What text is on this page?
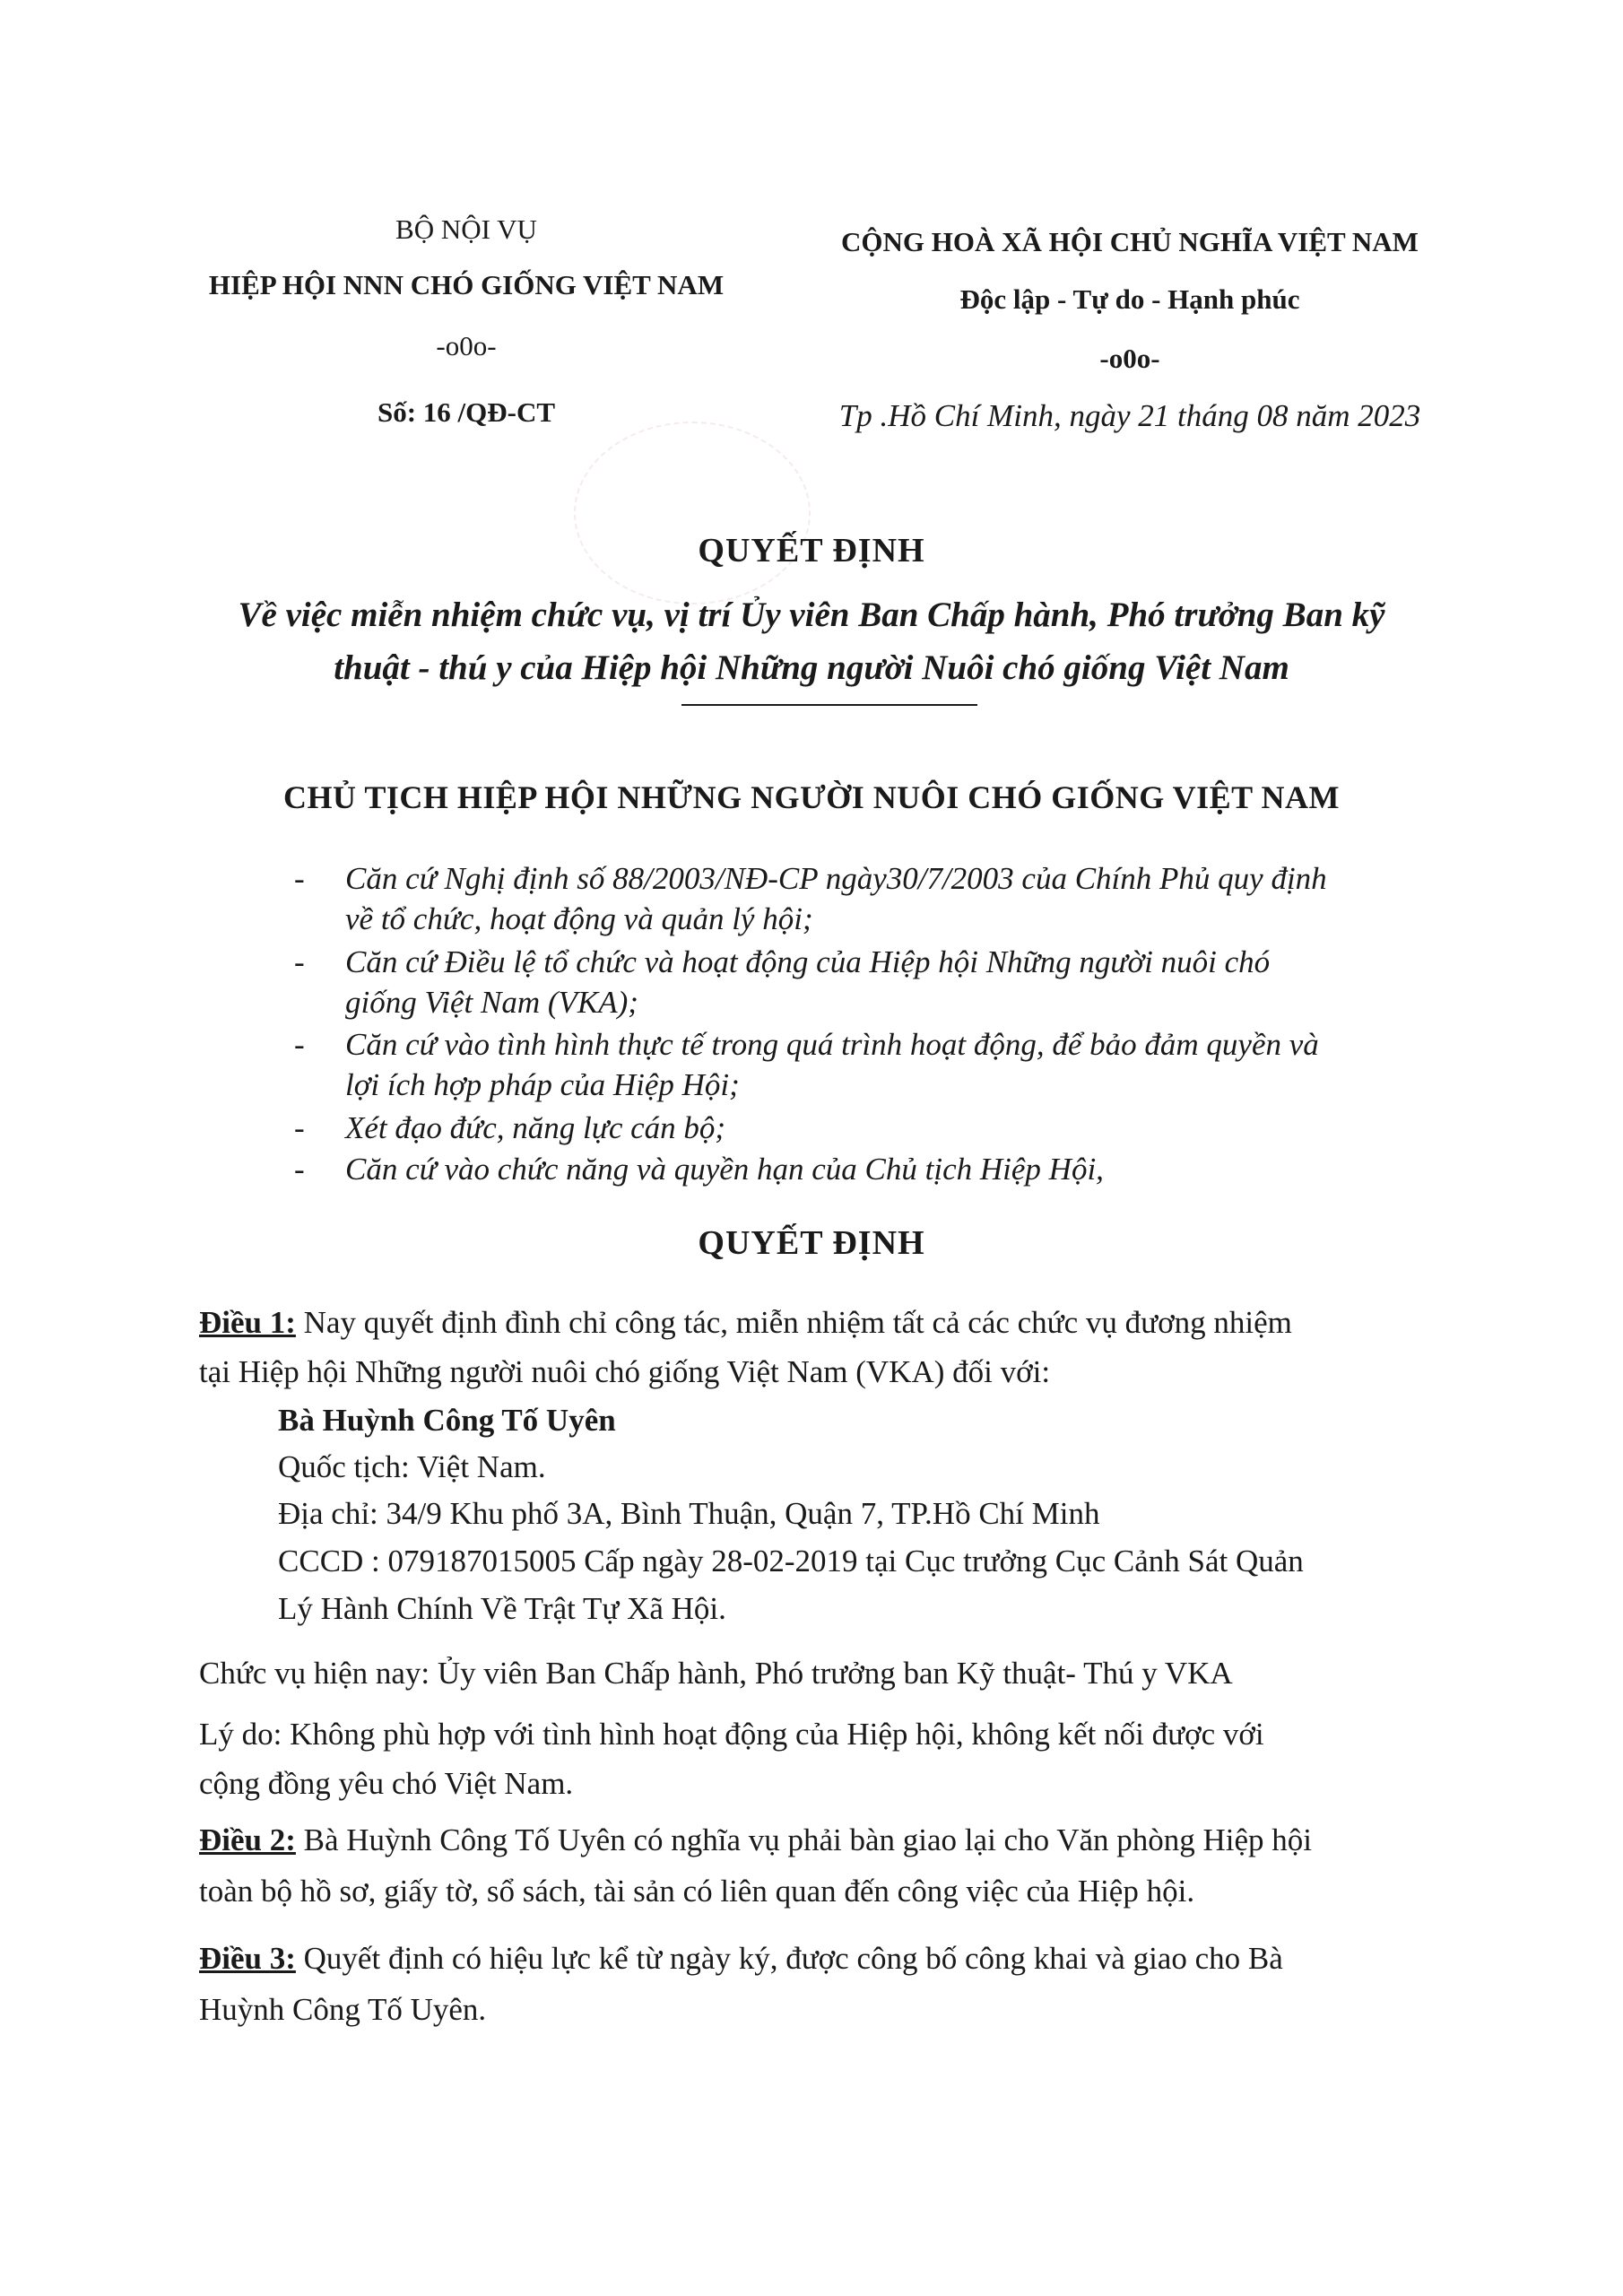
BỘ NỘI VỤ
HIỆP HỘI NNN CHÓ GIỐNG VIỆT NAM
-o0o-
Số: 16 /QĐ-CT
CỘNG HOÀ XÃ HỘI CHỦ NGHĨA VIỆT NAM
Độc lập - Tự do - Hạnh phúc
-o0o-
Tp .Hồ Chí Minh, ngày 21 tháng 08 năm 2023
QUYẾT ĐỊNH
Về việc miễn nhiệm chức vụ, vị trí Ủy viên Ban Chấp hành, Phó trưởng Ban kỹ
thuật - thú y của Hiệp hội Những người Nuôi chó giống Việt Nam
CHỦ TỊCH HIỆP HỘI NHỮNG NGƯỜI NUÔI CHÓ GIỐNG VIỆT NAM
- Căn cứ Nghị định số 88/2003/NĐ-CP ngày30/7/2003 của Chính Phủ quy định
về tổ chức, hoạt động và quản lý hội;
- Căn cứ Điều lệ tổ chức và hoạt động của Hiệp hội Những người nuôi chó
giống Việt Nam (VKA);
- Căn cứ vào tình hình thực tế trong quá trình hoạt động, để bảo đảm quyền và
lợi ích hợp pháp của Hiệp Hội;
- Xét đạo đức, năng lực cán bộ;
- Căn cứ vào chức năng và quyền hạn của Chủ tịch Hiệp Hội,
QUYẾT ĐỊNH
Điều 1: Nay quyết định đình chỉ công tác, miễn nhiệm tất cả các chức vụ đương nhiệm
tại Hiệp hội Những người nuôi chó giống Việt Nam (VKA) đối với:
Bà Huỳnh Công Tố Uyên
Quốc tịch: Việt Nam.
Địa chỉ: 34/9 Khu phố 3A, Bình Thuận, Quận 7, TP.Hồ Chí Minh
CCCD : 079187015005 Cấp ngày 28-02-2019 tại Cục trưởng Cục Cảnh Sát Quản
Lý Hành Chính Về Trật Tự Xã Hội.
Chức vụ hiện nay: Ủy viên Ban Chấp hành, Phó trưởng ban Kỹ thuật- Thú y VKA
Lý do: Không phù hợp với tình hình hoạt động của Hiệp hội, không kết nối được với
cộng đồng yêu chó Việt Nam.
Điều 2: Bà Huỳnh Công Tố Uyên có nghĩa vụ phải bàn giao lại cho Văn phòng Hiệp hội
toàn bộ hồ sơ, giấy tờ, sổ sách, tài sản có liên quan đến công việc của Hiệp hội.
Điều 3: Quyết định có hiệu lực kể từ ngày ký, được công bố công khai và giao cho Bà
Huỳnh Công Tố Uyên.
